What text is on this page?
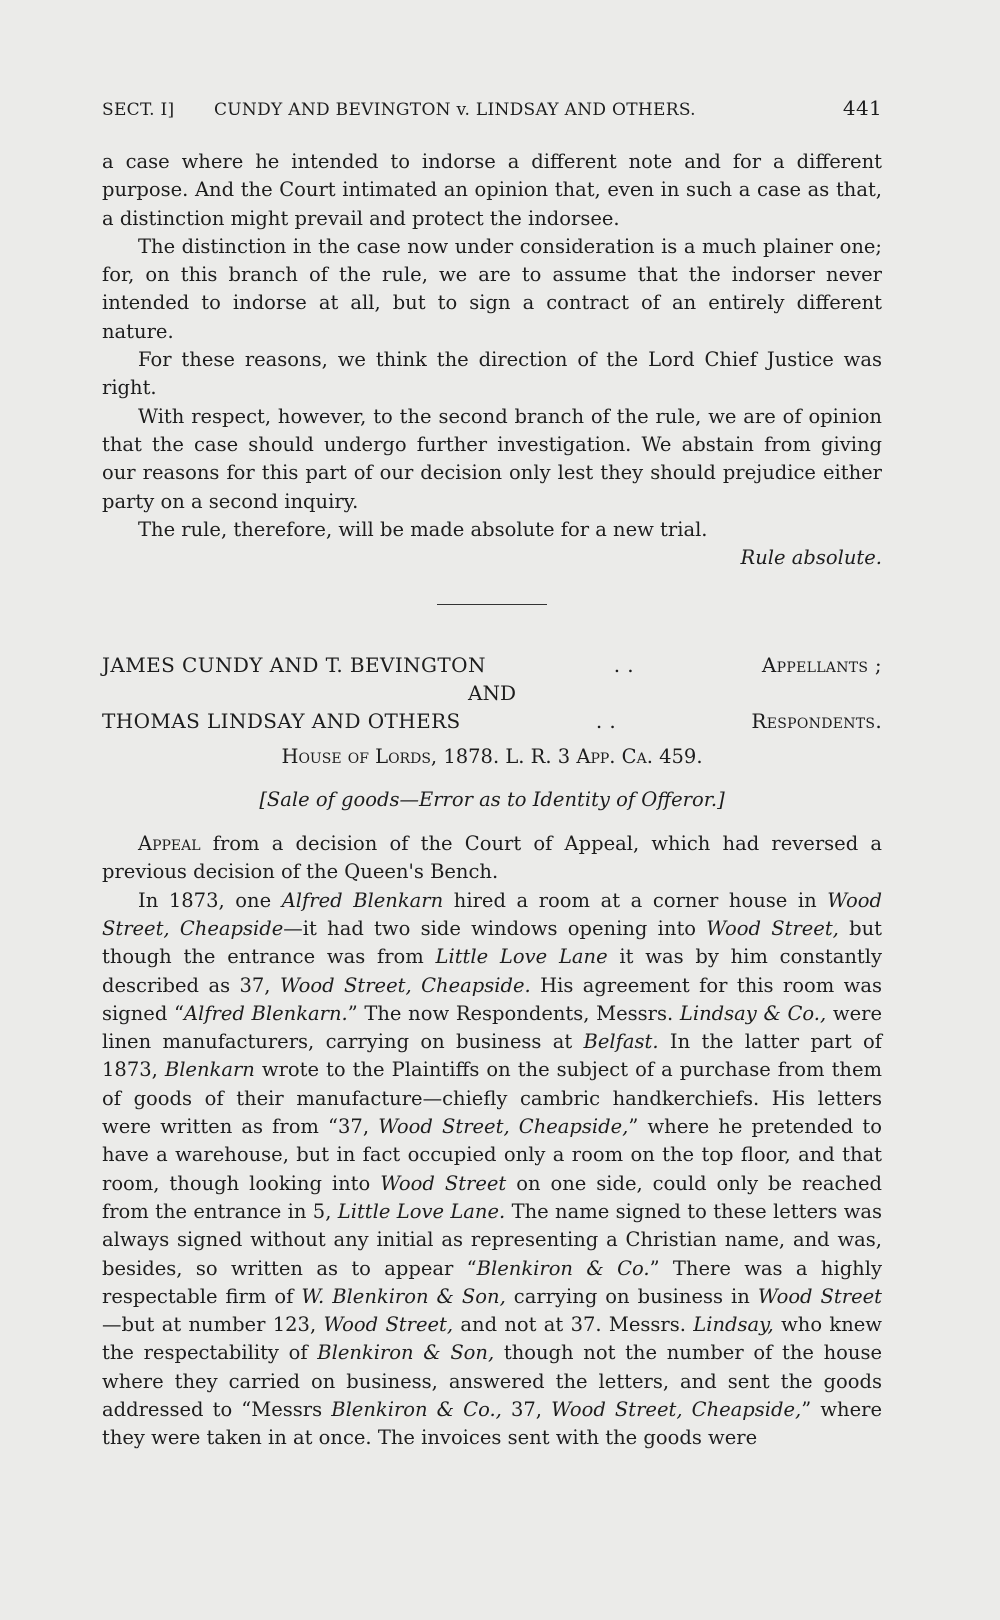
SECT. I] CUNDY AND BEVINGTON v. LINDSAY AND OTHERS.	441

a case where he intended to indorse a different note and for a different purpose. And the Court intimated an opinion that, even in such a case as that, a distinction might prevail and protect the indorsee.

The distinction in the case now under consideration is a much plainer one; for, on this branch of the rule, we are to assume that the indorser never intended to indorse at all, but to sign a contract of an entirely different nature.

For these reasons, we think the direction of the Lord Chief Justice was right.

With respect, however, to the second branch of the rule, we are of opinion that the case should undergo further investigation. We abstain from giving our reasons for this part of our decision only lest they should prejudice either party on a second inquiry.

The rule, therefore, will be made absolute for a new trial.

Rule absolute.

JAMES CUNDY AND T. BEVINGTON	. .	Appellants ;
AND
THOMAS LINDSAY AND OTHERS	. .	Respondents.
House of Lords, 1878. L. R. 3 App. Ca. 459.
[Sale of goods—Error as to Identity of Offeror.]

Appeal from a decision of the Court of Appeal, which had reversed a previous decision of the Queen's Bench.

In 1873, one Alfred Blenkarn hired a room at a corner house in Wood Street, Cheapside—it had two side windows opening into Wood Street, but though the entrance was from Little Love Lane it was by him constantly described as 37, Wood Street, Cheapside. His agreement for this room was signed “Alfred Blenkarn.” The now Respondents, Messrs. Lindsay & Co., were linen manufacturers, carrying on business at Belfast. In the latter part of 1873, Blenkarn wrote to the Plaintiffs on the subject of a purchase from them of goods of their manufacture—chiefly cambric handkerchiefs. His letters were written as from “37, Wood Street, Cheapside,” where he pretended to have a warehouse, but in fact occupied only a room on the top floor, and that room, though looking into Wood Street on one side, could only be reached from the entrance in 5, Little Love Lane. The name signed to these letters was always signed without any initial as representing a Christian name, and was, besides, so written as to appear “Blenkiron & Co.” There was a highly respectable firm of W. Blenkiron & Son, carrying on business in Wood Street —but at number 123, Wood Street, and not at 37. Messrs. Lindsay, who knew the respectability of Blenkiron & Son, though not the number of the house where they carried on business, answered the letters, and sent the goods addressed to “Messrs Blenkiron & Co., 37, Wood Street, Cheapside,” where they were taken in at once. The invoices sent with the goods were
